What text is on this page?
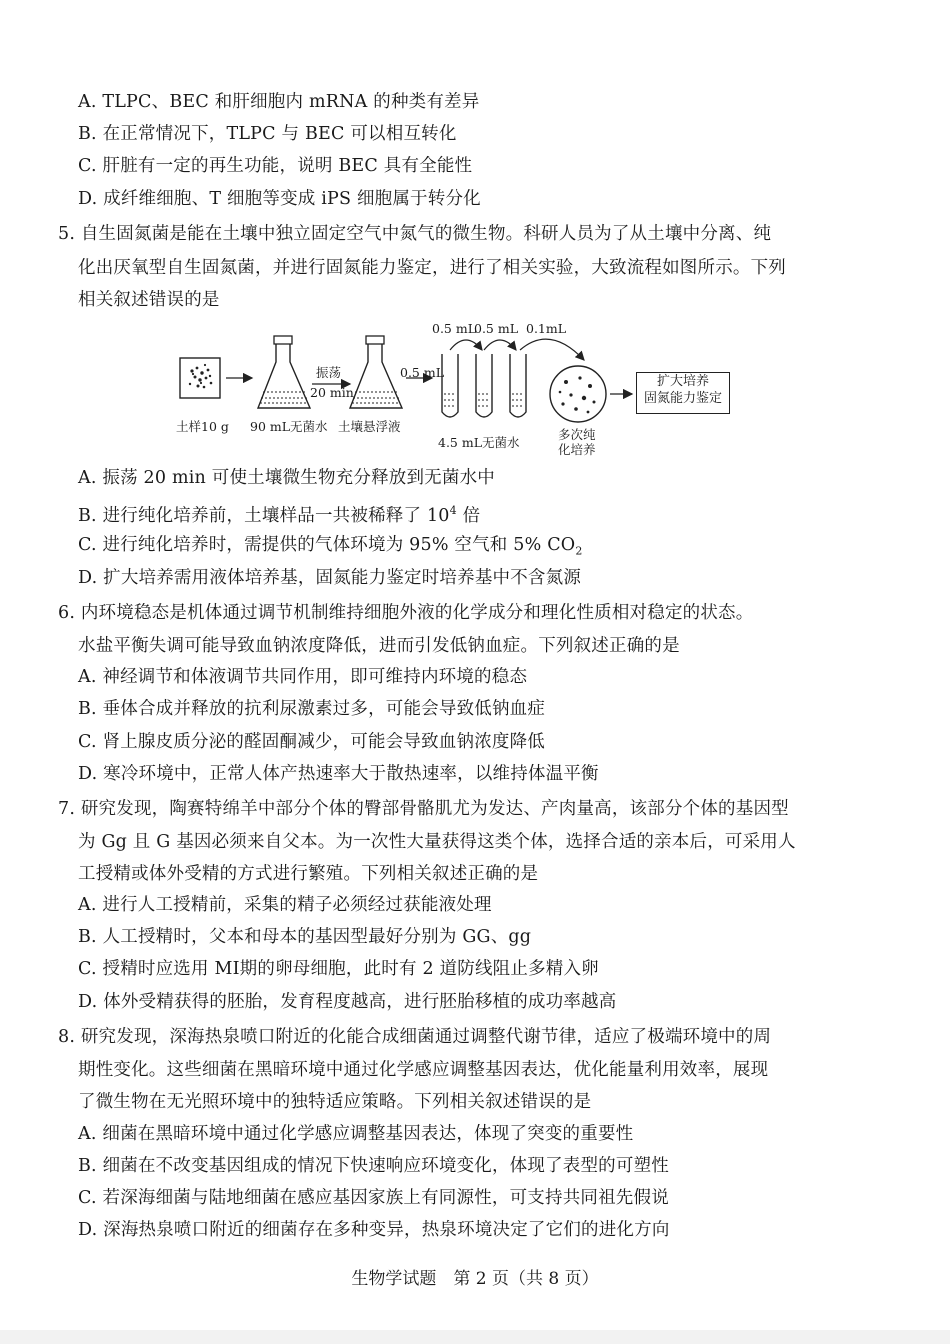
A. TLPC、BEC 和肝细胞内 mRNA 的种类有差异
B. 在正常情况下，TLPC 与 BEC 可以相互转化
C. 肝脏有一定的再生功能，说明 BEC 具有全能性
D. 成纤维细胞、T 细胞等变成 iPS 细胞属于转分化
5. 自生固氮菌是能在土壤中独立固定空气中氮气的微生物。科研人员为了从土壤中分离、纯
化出厌氧型自生固氮菌，并进行固氮能力鉴定，进行了相关实验，大致流程如图所示。下列
相关叙述错误的是
0.5 mL
0.5 mL 0.1mL
振荡
20 min
0.5 mL
土样10 g 90 mL无菌水 土壤悬浮液
4.5 mL无菌水
多次纯
化培养
扩大培养
固氮能力鉴定
A. 振荡 20 min 可使土壤微生物充分释放到无菌水中
B. 进行纯化培养前，土壤样品一共被稀释了 $10^4$ 倍
C. 进行纯化培养时，需提供的气体环境为 95% 空气和 5% $CO_2$
D. 扩大培养需用液体培养基，固氮能力鉴定时培养基中不含氮源
6. 内环境稳态是机体通过调节机制维持细胞外液的化学成分和理化性质相对稳定的状态。
水盐平衡失调可能导致血钠浓度降低，进而引发低钠血症。下列叙述正确的是
A. 神经调节和体液调节共同作用，即可维持内环境的稳态
B. 垂体合成并释放的抗利尿激素过多，可能会导致低钠血症
C. 肾上腺皮质分泌的醛固酮减少，可能会导致血钠浓度降低
D. 寒冷环境中，正常人体产热速率大于散热速率，以维持体温平衡
7. 研究发现，陶赛特绵羊中部分个体的臀部骨骼肌尤为发达、产肉量高，该部分个体的基因型
为 Gg 且 G 基因必须来自父本。为一次性大量获得这类个体，选择合适的亲本后，可采用人
工授精或体外受精的方式进行繁殖。下列相关叙述正确的是
A. 进行人工授精前，采集的精子必须经过获能液处理
B. 人工授精时，父本和母本的基因型最好分别为 GG、gg
C. 授精时应选用 MⅠ期的卵母细胞，此时有 2 道防线阻止多精入卵
D. 体外受精获得的胚胎，发育程度越高，进行胚胎移植的成功率越高
8. 研究发现，深海热泉喷口附近的化能合成细菌通过调整代谢节律，适应了极端环境中的周
期性变化。这些细菌在黑暗环境中通过化学感应调整基因表达，优化能量利用效率，展现
了微生物在无光照环境中的独特适应策略。下列相关叙述错误的是
A. 细菌在黑暗环境中通过化学感应调整基因表达，体现了突变的重要性
B. 细菌在不改变基因组成的情况下快速响应环境变化，体现了表型的可塑性
C. 若深海细菌与陆地细菌在感应基因家族上有同源性，可支持共同祖先假说
D. 深海热泉喷口附近的细菌存在多种变异，热泉环境决定了它们的进化方向
生物学试题　第 2 页（共 8 页）
